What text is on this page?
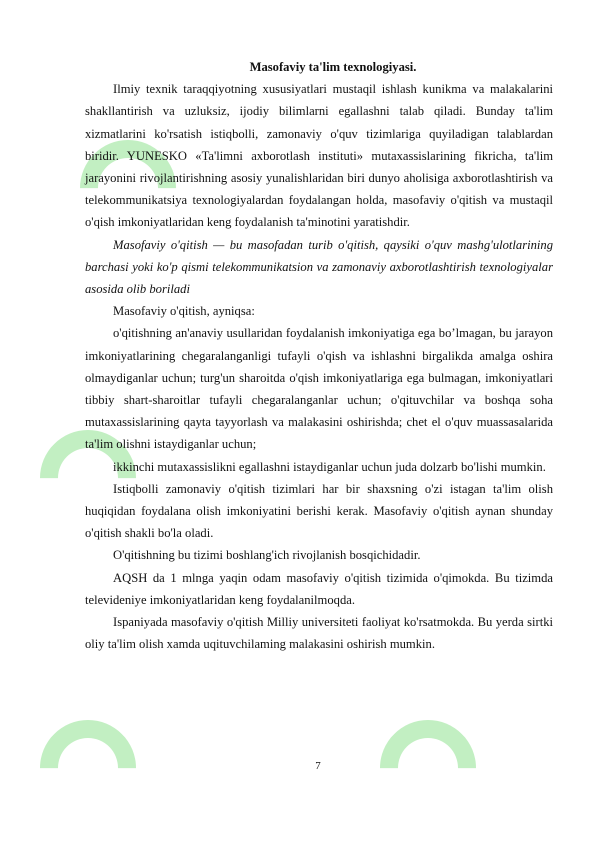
Masofaviy ta'lim texnologiyasi.

Ilmiy texnik taraqqiyotning xususiyatlari mustaqil ishlash kunikma va malakalarini shakllantirish va uzluksiz, ijodiy bilimlarni egallashni talab qiladi. Bunday ta'lim xizmatlarini ko'rsatish istiqbolli, zamonaviy o'quv tizimlariga quyiladigan talablardan biridir. YUNESKO «Ta'limni axborotlash instituti» mutaxassislarining fikricha, ta'lim jarayonini rivojlantirishning asosiy yunalishlaridan biri dunyo aholisiga axborotlashtirish va telekommunikatsiya texnologiyalardan foydalangan holda, masofaviy o'qitish va mustaqil o'qish imkoniyatlaridan keng foydalanish ta'minotini yaratishdir.

Masofaviy o'qitish — bu masofadan turib o'qitish, qaysiki o'quv mashg'ulotlarining barchasi yoki ko'p qismi telekommunikatsion va zamonaviy axborotlashtirish texnologiyalar asosida olib boriladi

Masofaviy o'qitish, ayniqsa:

o'qitishning an'anaviy usullaridan foydalanish imkoniyatiga ega bo’lmagan, bu jarayon imkoniyatlarining chegaralanganligi tufayli o'qish va ishlashni birgalikda amalga oshira olmaydiganlar uchun; turg'un sharoitda o'qish imkoniyatlariga ega bulmagan, imkoniyatlari tibbiy shart-sharoitlar tufayli chegaralanganlar uchun; o'qituvchilar va boshqa soha mutaxassislarining qayta tayyorlash va malakasini oshirishda; chet el o'quv muassasalarida ta'lim olishni istaydiganlar uchun;

ikkinchi mutaxassislikni egallashni istaydiganlar uchun juda dolzarb bo'lishi mumkin.

Istiqbolli zamonaviy o'qitish tizimlari har bir shaxsning o'zi istagan ta'lim olish huqiqidan foydalana olish imkoniyatini berishi kerak. Masofaviy o'qitish aynan shunday o'qitish shakli bo'la oladi.

O'qitishning bu tizimi boshlang'ich rivojlanish bosqichidadir.

AQSH da 1 mlnga yaqin odam masofaviy o'qitish tizimida o'qimokda. Bu tizimda televideniye imkoniyatlaridan keng foydalanilmoqda.

Ispaniyada masofaviy o'qitish Milliy universiteti faoliyat ko'rsatmokda. Bu yerda sirtki oliy ta'lim olish xamda uqituvchilaming malakasini oshirish mumkin.

7
